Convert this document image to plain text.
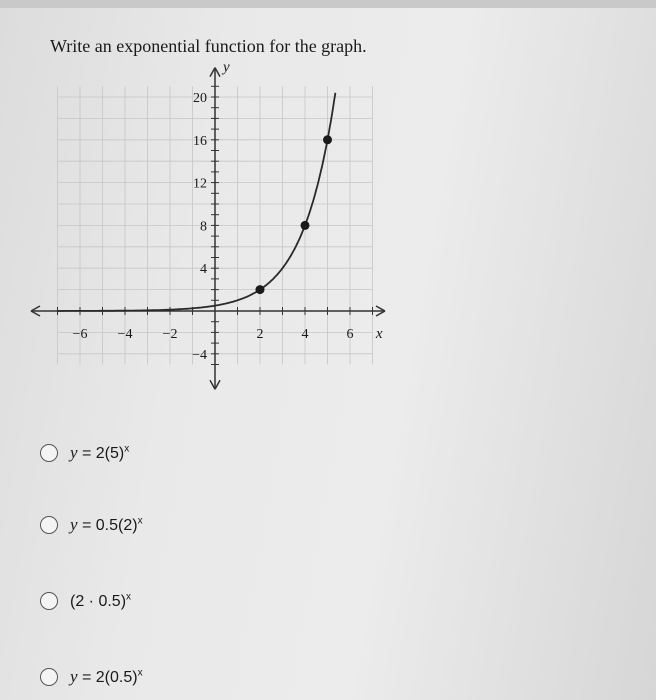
Write an exponential function for the graph.
−6 −4 −2	2	4	6
20
16
12
8
4
−4
x
y
$y = 2(5)^x$
$y = 0.5(2)^x$
$(2 \cdot 0.5)^x$
$y = 2(0.5)^x$
